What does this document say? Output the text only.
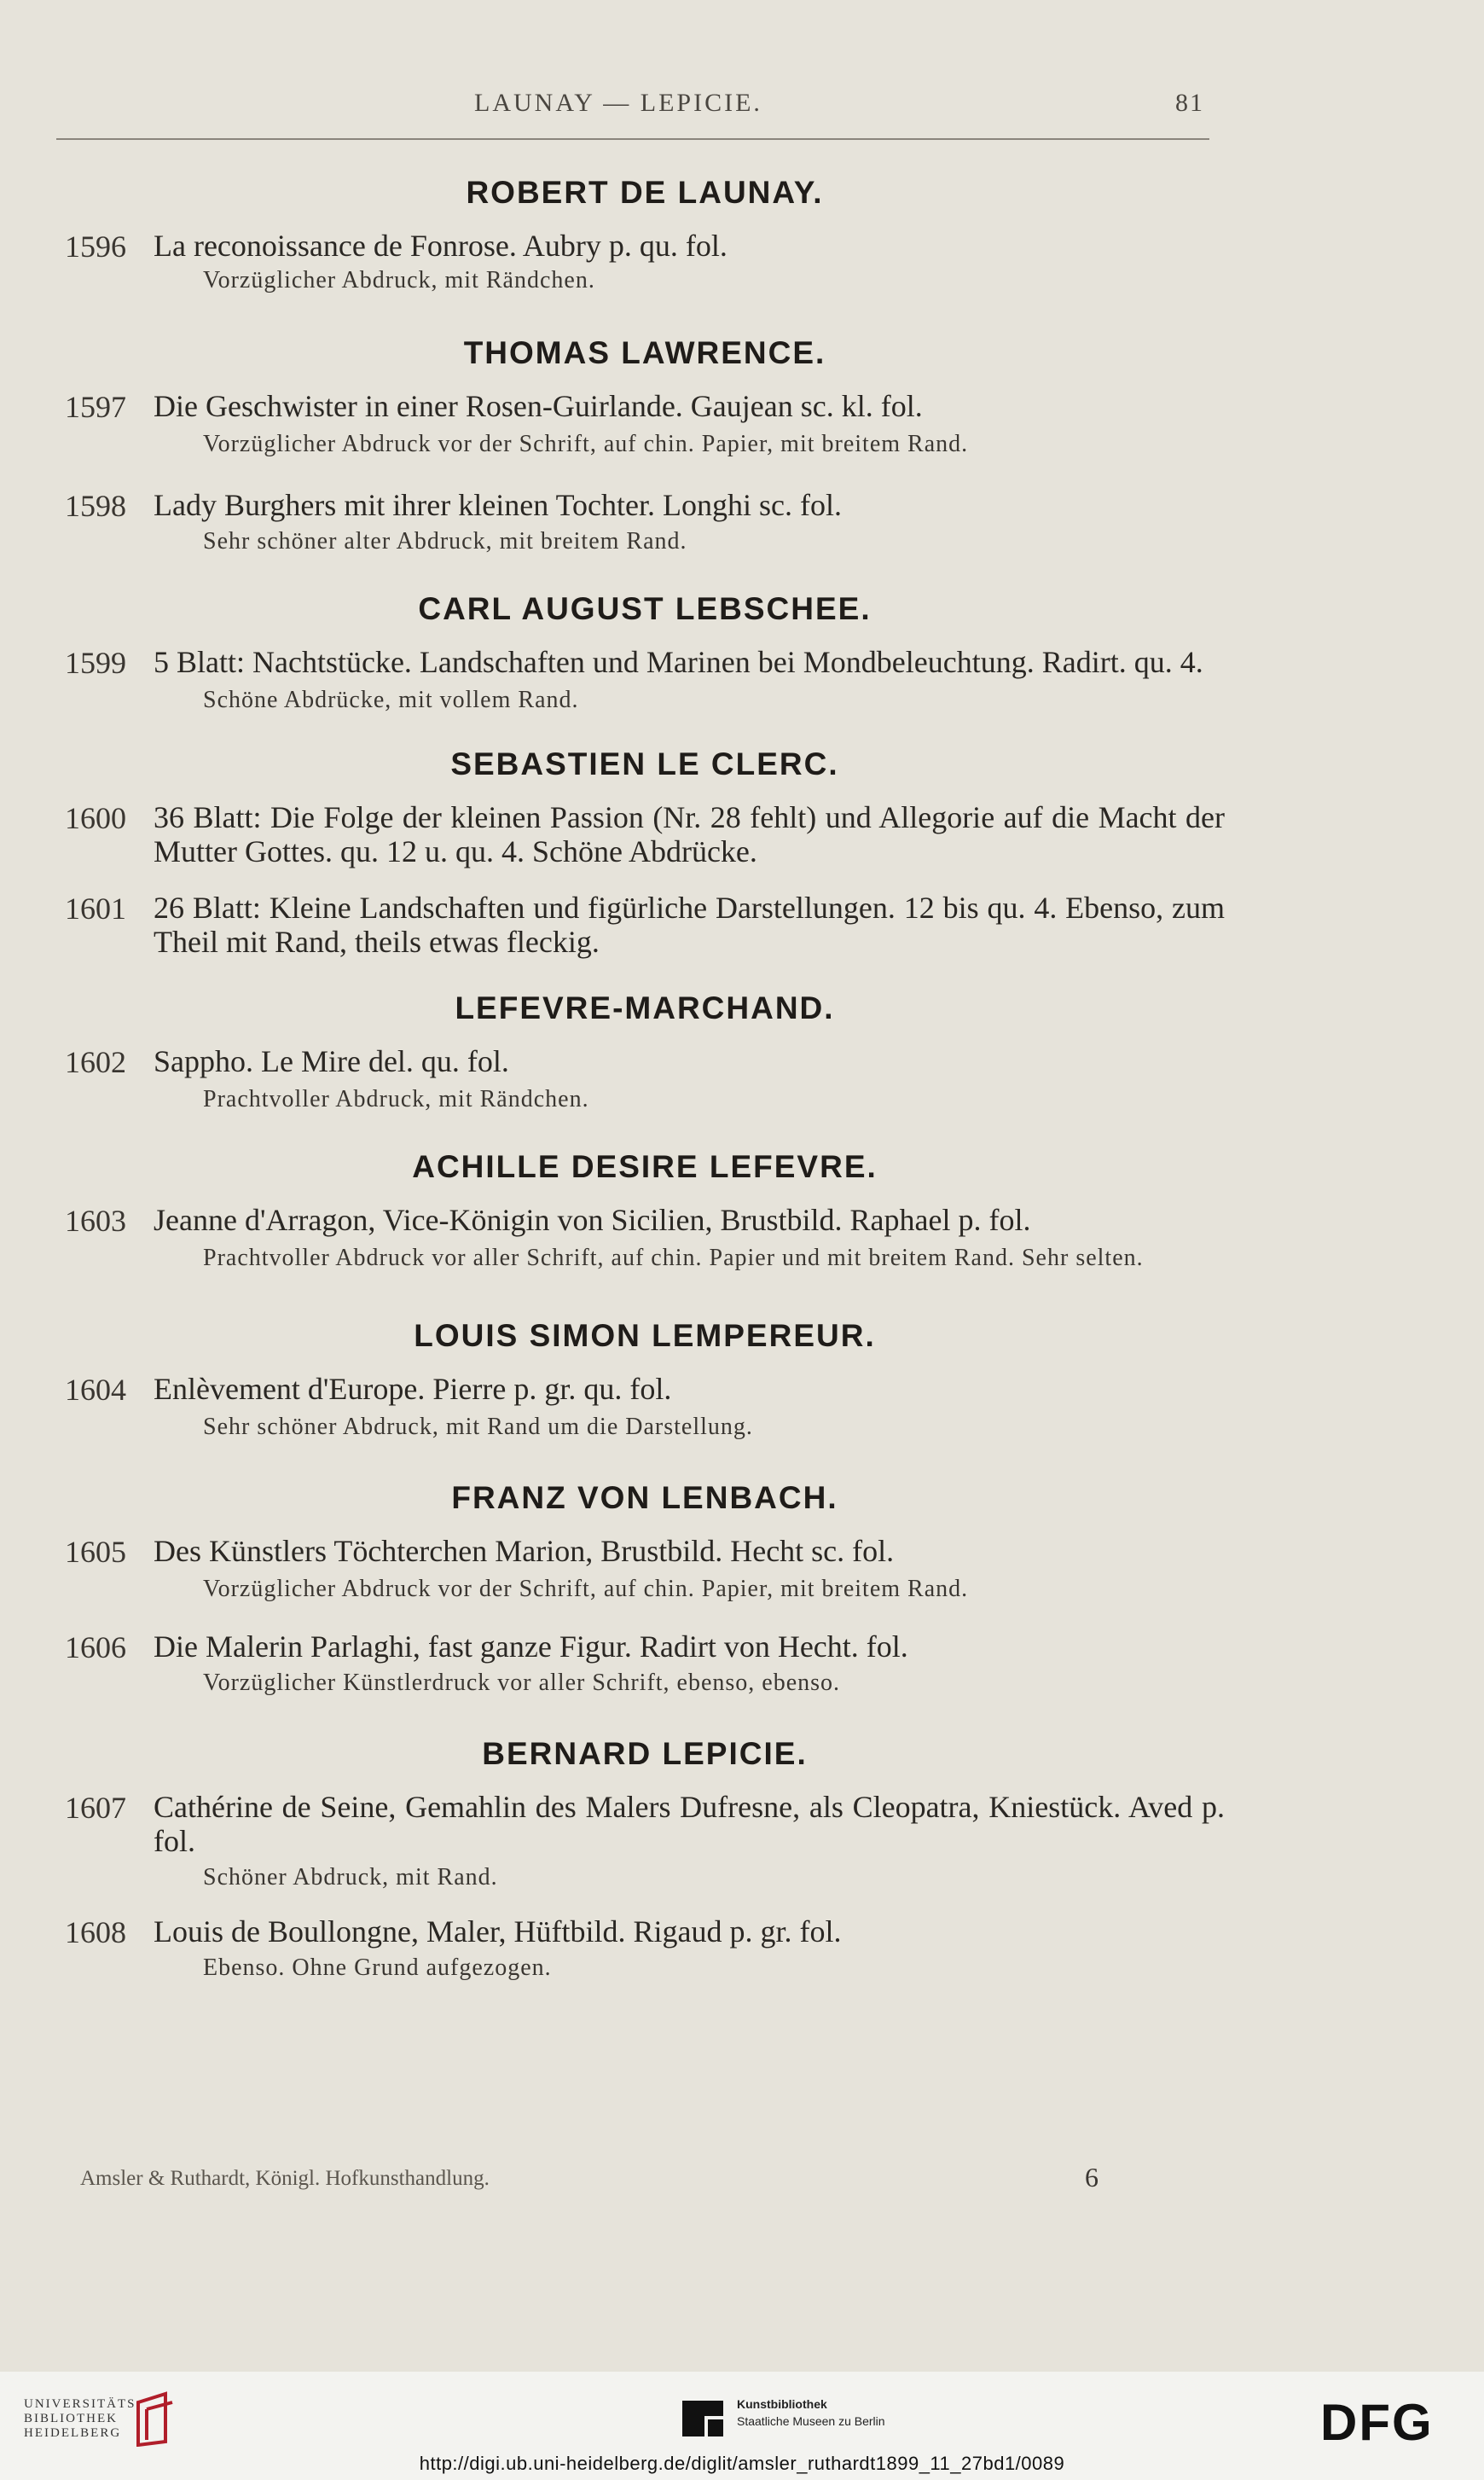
LAUNAY — LEPICIE.	81
ROBERT DE LAUNAY.
1596 La reconoissance de Fonrose. Aubry p. qu. fol.
Vorzüglicher Abdruck, mit Rändchen.
THOMAS LAWRENCE.
1597 Die Geschwister in einer Rosen-Guirlande. Gaujean sc. kl. fol.
Vorzüglicher Abdruck vor der Schrift, auf chin. Papier, mit breitem Rand.
1598 Lady Burghers mit ihrer kleinen Tochter. Longhi sc. fol.
Sehr schöner alter Abdruck, mit breitem Rand.
CARL AUGUST LEBSCHEE.
1599 5 Blatt: Nachtstücke. Landschaften und Marinen bei Mondbeleuchtung. Radirt. qu. 4.
Schöne Abdrücke, mit vollem Rand.
SEBASTIEN LE CLERC.
1600 36 Blatt: Die Folge der kleinen Passion (Nr. 28 fehlt) und Allegorie auf die Macht der Mutter Gottes. qu. 12 u. qu. 4. Schöne Abdrücke.
1601 26 Blatt: Kleine Landschaften und figürliche Darstellungen. 12 bis qu. 4. Ebenso, zum Theil mit Rand, theils etwas fleckig.
LEFEVRE-MARCHAND.
1602 Sappho. Le Mire del. qu. fol.
Prachtvoller Abdruck, mit Rändchen.
ACHILLE DESIRE LEFEVRE.
1603 Jeanne d'Arragon, Vice-Königin von Sicilien, Brustbild. Raphael p. fol.
Prachtvoller Abdruck vor aller Schrift, auf chin. Papier und mit breitem Rand. Sehr selten.
LOUIS SIMON LEMPEREUR.
1604 Enlèvement d'Europe. Pierre p. gr. qu. fol.
Sehr schöner Abdruck, mit Rand um die Darstellung.
FRANZ VON LENBACH.
1605 Des Künstlers Töchterchen Marion, Brustbild. Hecht sc. fol.
Vorzüglicher Abdruck vor der Schrift, auf chin. Papier, mit breitem Rand.
1606 Die Malerin Parlaghi, fast ganze Figur. Radirt von Hecht. fol.
Vorzüglicher Künstlerdruck vor aller Schrift, ebenso, ebenso.
BERNARD LEPICIE.
1607 Cathérine de Seine, Gemahlin des Malers Dufresne, als Cleopatra, Kniestück. Aved p. fol.
Schöner Abdruck, mit Rand.
1608 Louis de Boullongne, Maler, Hüftbild. Rigaud p. gr. fol.
Ebenso. Ohne Grund aufgezogen.
Amsler & Ruthardt, Königl. Hofkunsthandlung.	6
UNIVERSITÄTS-
BIBLIOTHEK
HEIDELBERG
Kunstbibliothek
Staatliche Museen zu Berlin	DFG
http://digi.ub.uni-heidelberg.de/diglit/amsler_ruthardt1899_11_27bd1/0089
